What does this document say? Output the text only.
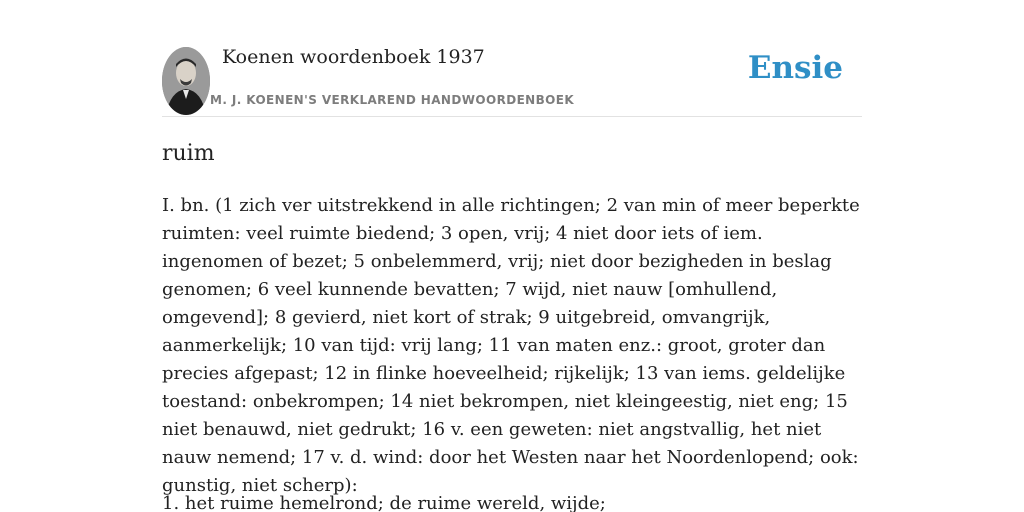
Koenen woordenboek 1937
M. J. KOENEN'S VERKLAREND HANDWOORDENBOEK
Ensie
ruim

I. bn. (1 zich ver uitstrekkend in alle richtingen; 2 van min of meer beperkte ruimten: veel ruimte biedend; 3 open, vrij; 4 niet door iets of iem. ingenomen of bezet; 5 onbelemmerd, vrij; niet door bezigheden in beslag genomen; 6 veel kunnende bevatten; 7 wijd, niet nauw [omhullend, omgevend]; 8 gevierd, niet kort of strak; 9 uitgebreid, omvangrijk, aanmerkelijk; 10 van tijd: vrij lang; 11 van maten enz.: groot, groter dan precies afgepast; 12 in flinke hoeveelheid; rijkelijk; 13 van iems. geldelijke toestand: onbekrompen; 14 niet bekrompen, niet kleingeestig, niet eng; 15 niet benauwd, niet gedrukt; 16 v. een geweten: niet angstvallig, het niet nauw nemend; 17 v. d. wind: door het Westen naar het Noordenlopend; ook: gunstig, niet scherp):

1. het ruime hemelrond; de ruime wereld, wijde;
